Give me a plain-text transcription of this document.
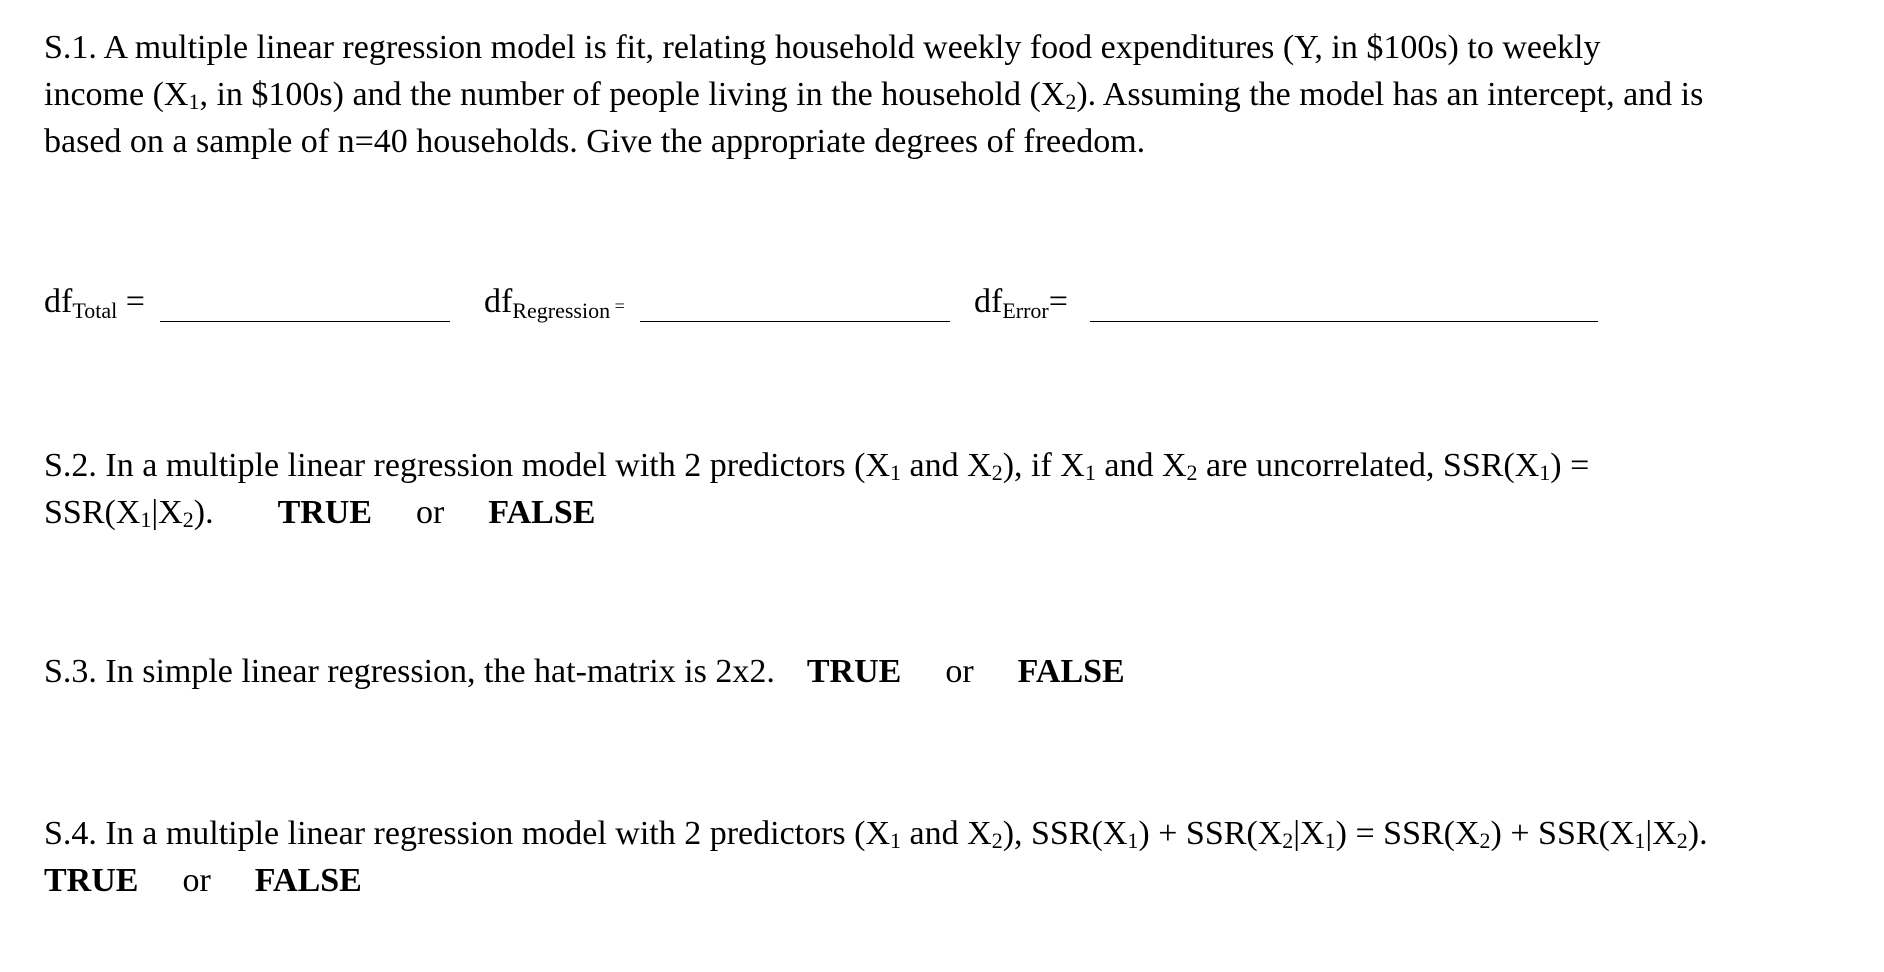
S.1. A multiple linear regression model is fit, relating household weekly food expenditures (Y, in $100s) to weekly
income ($X_1$, in $100s) and the number of people living in the household $(X_2)$. Assuming the model has an intercept, and is
based on a sample of n=40 households. Give the appropriate degrees of freedom.
dfTotal =	dfRegression =	dfError=
S.2. In a multiple linear regression model with 2 predictors ($X_1$ and $X_2$), if $X_1$ and $X_2$ are uncorrelated, $SSR(X_1)$ =
$SSR(X_1|X_2)$. TRUE or FALSE
S.3. In simple linear regression, the hat-matrix is 2x2. TRUE or FALSE
S.4. In a multiple linear regression model with 2 predictors ($X_1$ and $X_2$), $SSR(X_1) + SSR(X_2|X_1) = SSR(X_2) + SSR(X_1|X_2)$.
TRUE or FALSE
